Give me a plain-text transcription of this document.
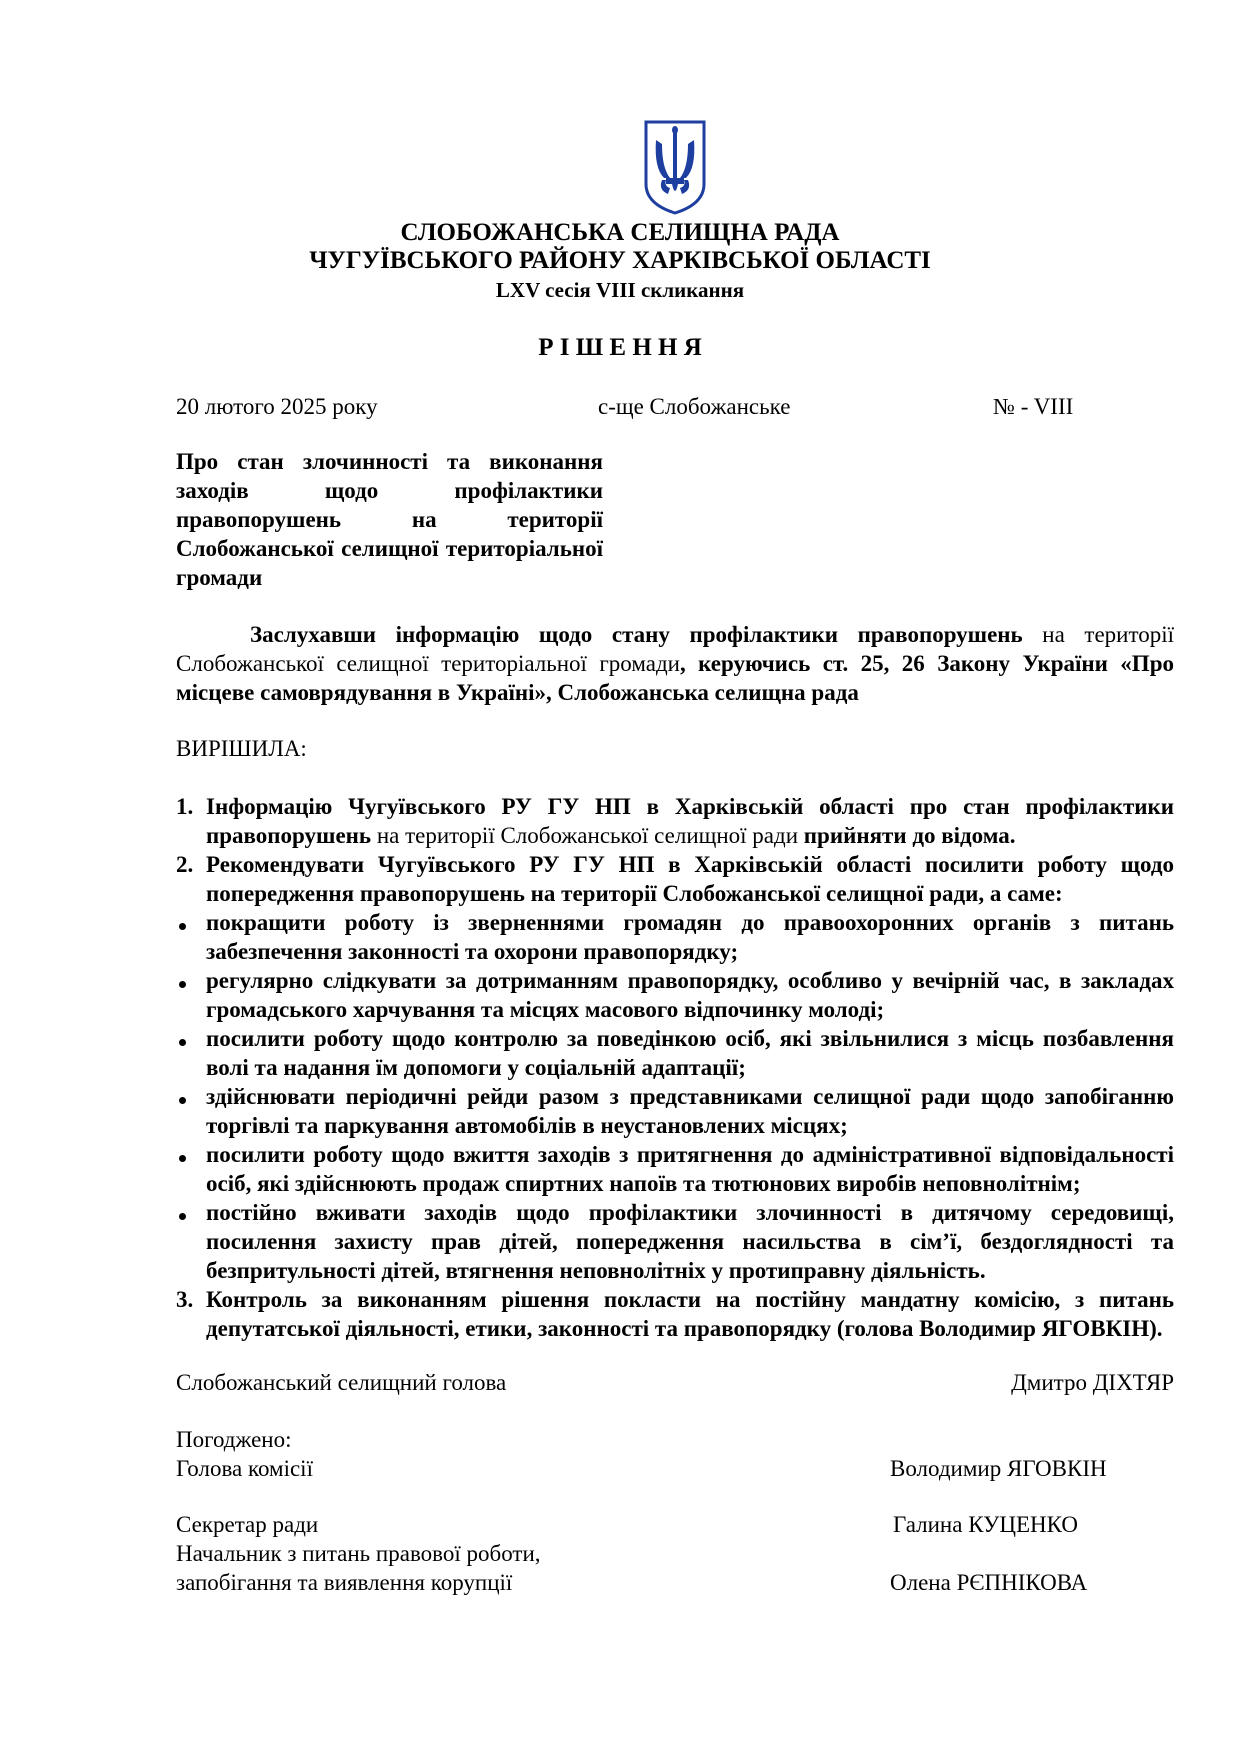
СЛОБОЖАНСЬКА СЕЛИЩНА РАДА

ЧУГУЇВСЬКОГО РАЙОНУ ХАРКІВСЬКОЇ ОБЛАСТІ

LXV сесія VIII скликання

Р І Ш Е Н Н Я

20 лютого 2025 року	с-ще Слобожанське	№ - VIII

Про стан злочинності та виконання заходів щодо профілактики правопорушень на території Слобожанської селищної територіальної громади

Заслухавши інформацію щодо стану профілактики правопорушень на території Слобожанської селищної територіальної громади, керуючись ст. 25, 26 Закону України «Про місцеве самоврядування в Україні», Слобожанська селищна рада

ВИРІШИЛА:

1. Інформацію Чугуївського РУ ГУ НП в Харківській області про стан профілактики правопорушень на території Слобожанської селищної ради прийняти до відома.
2. Рекомендувати Чугуївського РУ ГУ НП в Харківській області посилити роботу щодо попередження правопорушень на території Слобожанської селищної ради, а саме:
покращити роботу із зверненнями громадян до правоохоронних органів з питань забезпечення законності та охорони правопорядку;
регулярно слідкувати за дотриманням правопорядку, особливо у вечірній час, в закладах громадського харчування та місцях масового відпочинку молоді;
посилити роботу щодо контролю за поведінкою осіб, які звільнилися з місць позбавлення волі та надання їм допомоги у соціальній адаптації;
здійснювати періодичні рейди разом з представниками селищної ради щодо запобіганню торгівлі та паркування автомобілів в неустановлених місцях;
посилити роботу щодо вжиття заходів з притягнення до адміністративної відповідальності осіб, які здійснюють продаж спиртних напоїв та тютюнових виробів неповнолітнім;
постійно вживати заходів щодо профілактики злочинності в дитячому середовищі, посилення захисту прав дітей, попередження насильства в сім’ї, бездоглядності та безпритульності дітей, втягнення неповнолітніх у протиправну діяльність.
3. Контроль за виконанням рішення покласти на постійну мандатну комісію, з питань депутатської діяльності, етики, законності та правопорядку (голова Володимир ЯГОВКІН).

Слобожанський селищний голова	Дмитро ДІХТЯР

Погоджено:

Голова комісії	Володимир ЯГОВКІН

Секретар ради	Галина КУЦЕНКО

Начальник з питань правової роботи,

запобігання та виявлення корупції	Олена РЄПНІКОВА
